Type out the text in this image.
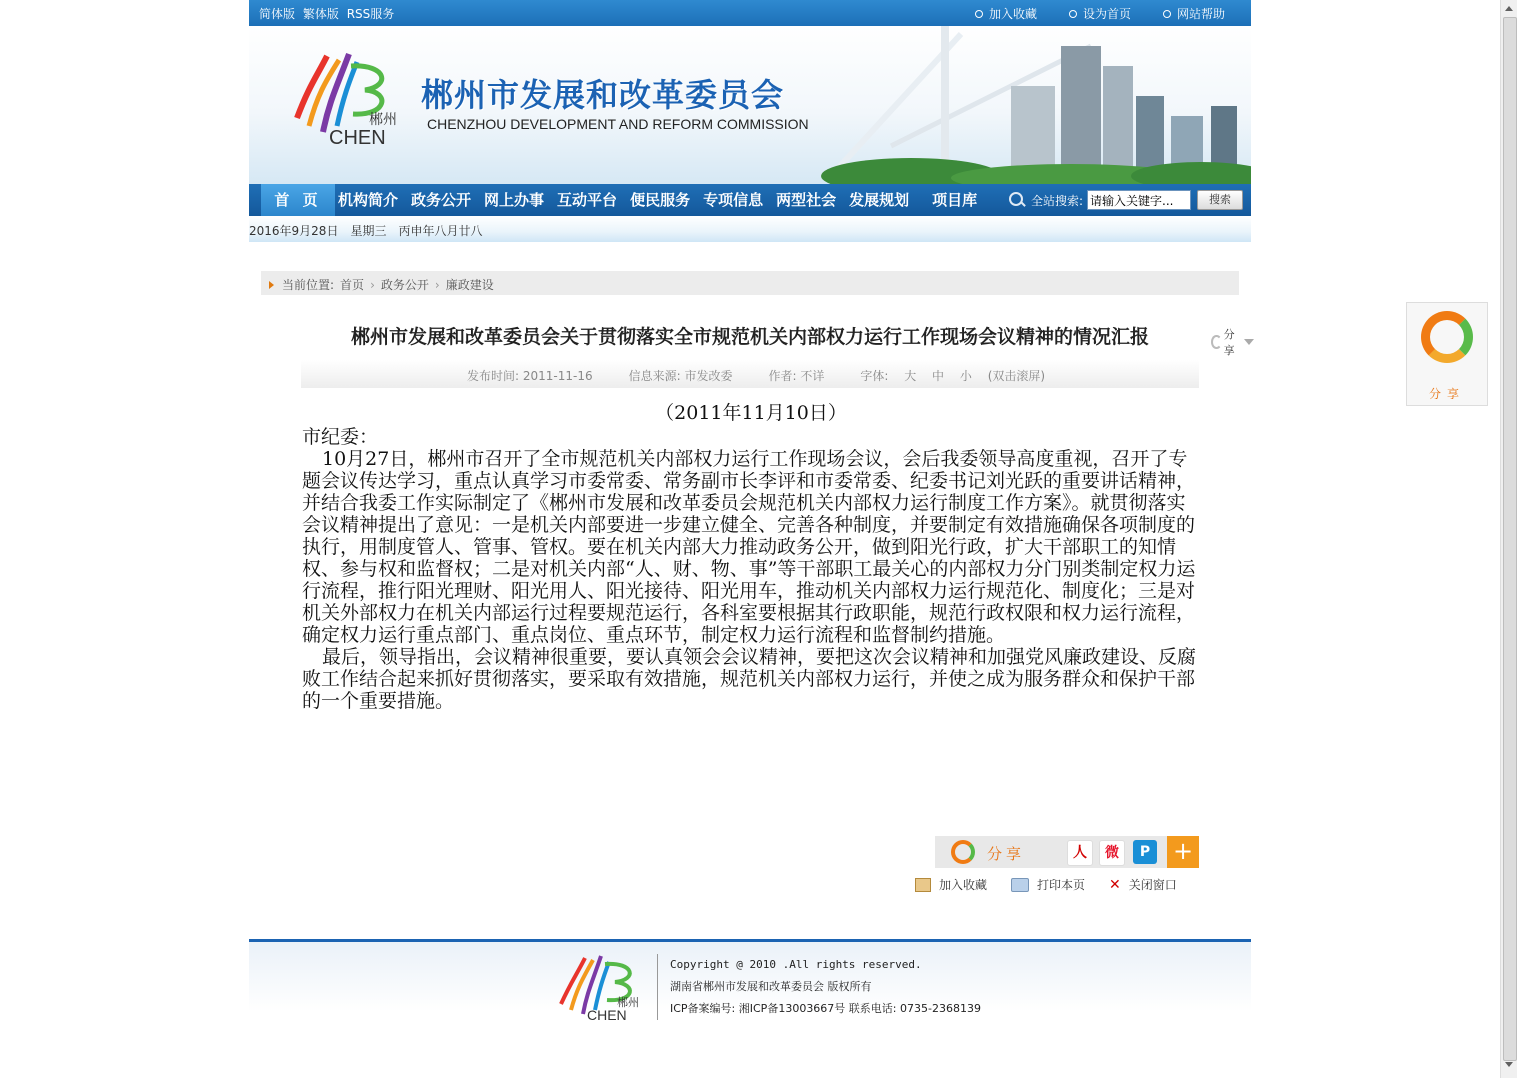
简体版 繁体版 RSS服务	加入收藏	设为首页	网站帮助
郴州
CHEN
郴州市发展和改革委员会
CHENZHOU DEVELOPMENT AND REFORM COMMISSION
首 页	机构简介 政务公开 网上办事 互动平台 便民服务 专项信息 两型社会 发展规划 项目库	全站搜索:
请输入关键字...	搜索
2016年9月28日 星期三 丙申年八月廿八
当前位置: 首页 › 政务公开 › 廉政建设
郴州市发展和改革委员会关于贯彻落实全市规范机关内部权力运行工作现场会议精神的情况汇报	分享
发布时间: 2011-11-16	信息来源: 市发改委	作者: 不详	字体: 大 中 小 (双击滚屏)
（2011年11月10日）

市纪委：

10月27日，郴州市召开了全市规范机关内部权力运行工作现场会议，会后我委领导高度重视，召开了专题会议传达学习，重点认真学习市委常委、常务副市长李评和市委常委、纪委书记刘光跃的重要讲话精神，并结合我委工作实际制定了《郴州市发展和改革委员会规范机关内部权力运行制度工作方案》。就贯彻落实会议精神提出了意见：一是机关内部要进一步建立健全、完善各种制度，并要制定有效措施确保各项制度的执行，用制度管人、管事、管权。要在机关内部大力推动政务公开，做到阳光行政，扩大干部职工的知情权、参与权和监督权；二是对机关内部“人、财、物、事”等干部职工最关心的内部权力分门别类制定权力运行流程，推行阳光理财、阳光用人、阳光接待、阳光用车，推动机关内部权力运行规范化、制度化；三是对机关外部权力在机关内部运行过程要规范运行，各科室要根据其行政职能，规范行政权限和权力运行流程，确定权力运行重点部门、重点岗位、重点环节，制定权力运行流程和监督制约措施。

最后，领导指出，会议精神很重要，要认真领会会议精神，要把这次会议精神和加强党风廉政建设、反腐败工作结合起来抓好贯彻落实，要采取有效措施，规范机关内部权力运行，并使之成为服务群众和保护干部的一个重要措施。

分享	人	微	P +
加入收藏	打印本页 ✕ 关闭窗口
郴州
CHEN
Copyright @ 2010 .All rights reserved.
湖南省郴州市发展和改革委员会 版权所有
ICP备案编号: 湘ICP备13003667号 联系电话: 0735-2368139
分享
